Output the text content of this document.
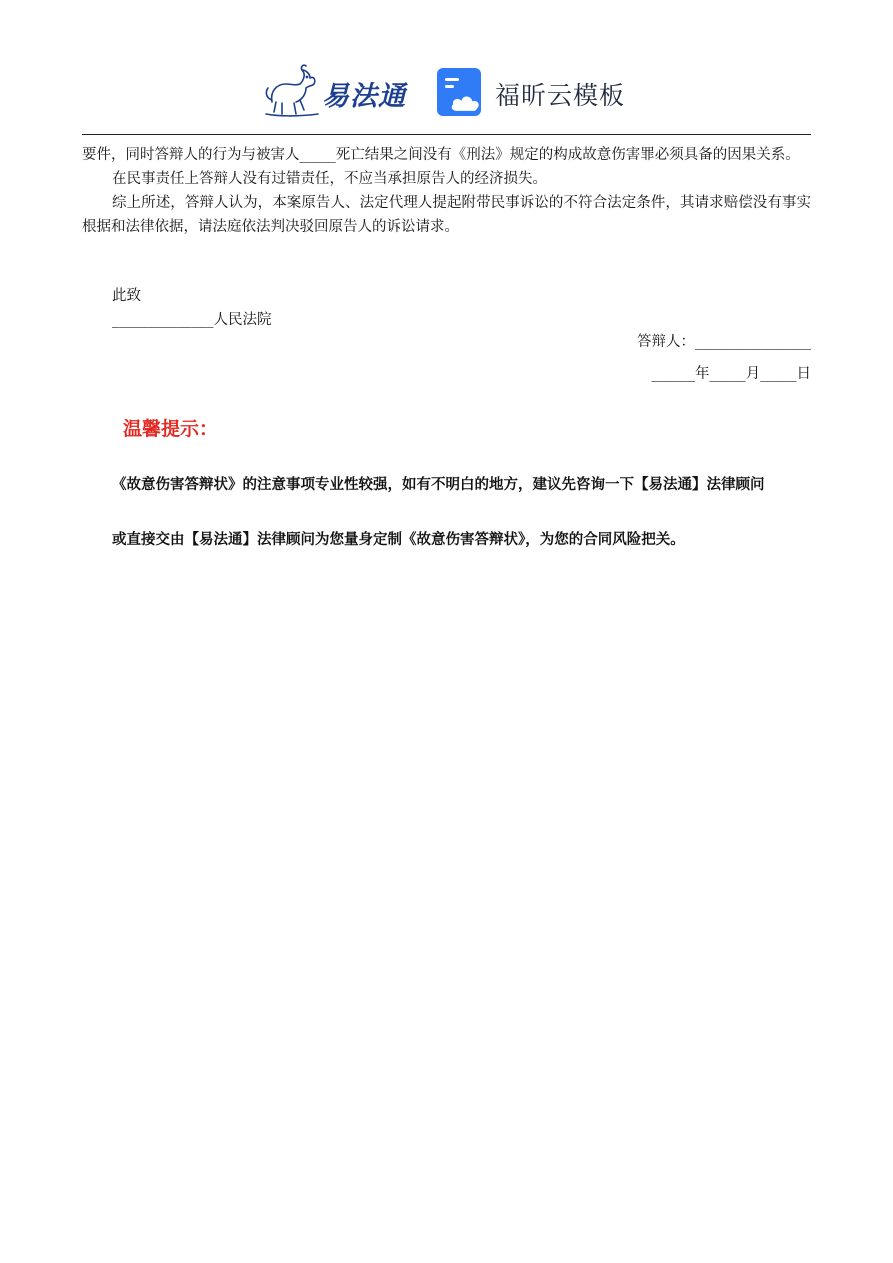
易法通	福昕云模板

要件，同时答辩人的行为与被害人_____死亡结果之间没有《刑法》规定的构成故意伤害罪必须具备的因果关系。

在民事责任上答辩人没有过错责任，不应当承担原告人的经济损失。

综上所述，答辩人认为，本案原告人、法定代理人提起附带民事诉讼的不符合法定条件，其请求赔偿没有事实根据和法律依据，请法庭依法判决驳回原告人的诉讼请求。

此致
______________人民法院
答辩人：________________
______年_____月_____日
温馨提示：
《故意伤害答辩状》的注意事项专业性较强，如有不明白的地方，建议先咨询一下【易法通】法律顾问
或直接交由【易法通】法律顾问为您量身定制《故意伤害答辩状》，为您的合同风险把关。
